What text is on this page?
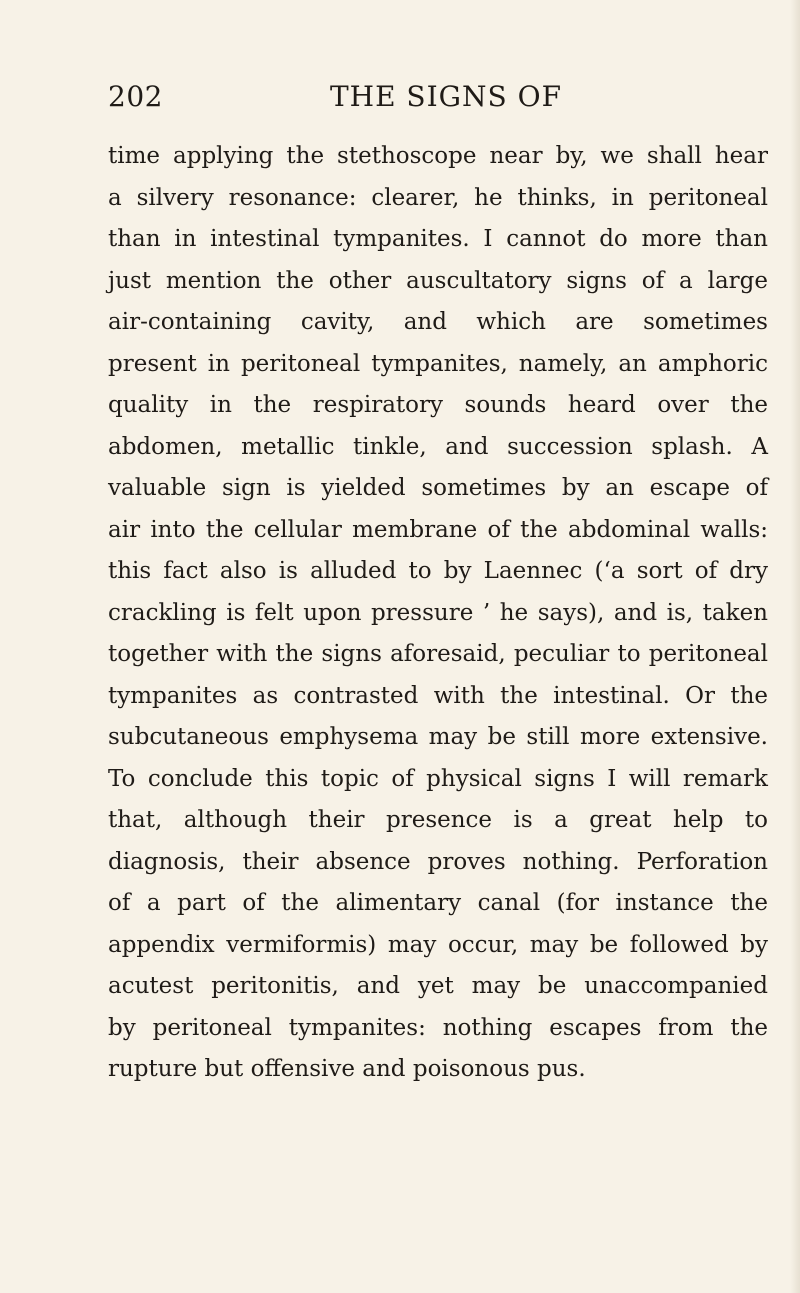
202	THE SIGNS OF
time applying the stethoscope near by, we shall hear
a silvery resonance: clearer, he thinks, in peritoneal
than in intestinal tympanites. I cannot do more than
just mention the other auscultatory signs of a large
air-containing cavity, and which are sometimes
present in peritoneal tympanites, namely, an amphoric
quality in the respiratory sounds heard over the
abdomen, metallic tinkle, and succession splash. A
valuable sign is yielded sometimes by an escape of
air into the cellular membrane of the abdominal walls:
this fact also is alluded to by Laennec (‘a sort of dry
crackling is felt upon pressure ’ he says), and is, taken
together with the signs aforesaid, peculiar to peritoneal
tympanites as contrasted with the intestinal. Or the
subcutaneous emphysema may be still more extensive.
To conclude this topic of physical signs I will remark
that, although their presence is a great help to
diagnosis, their absence proves nothing. Perforation
of a part of the alimentary canal (for instance the
appendix vermiformis) may occur, may be followed by
acutest peritonitis, and yet may be unaccompanied
by peritoneal tympanites: nothing escapes from the
rupture but offensive and poisonous pus.
